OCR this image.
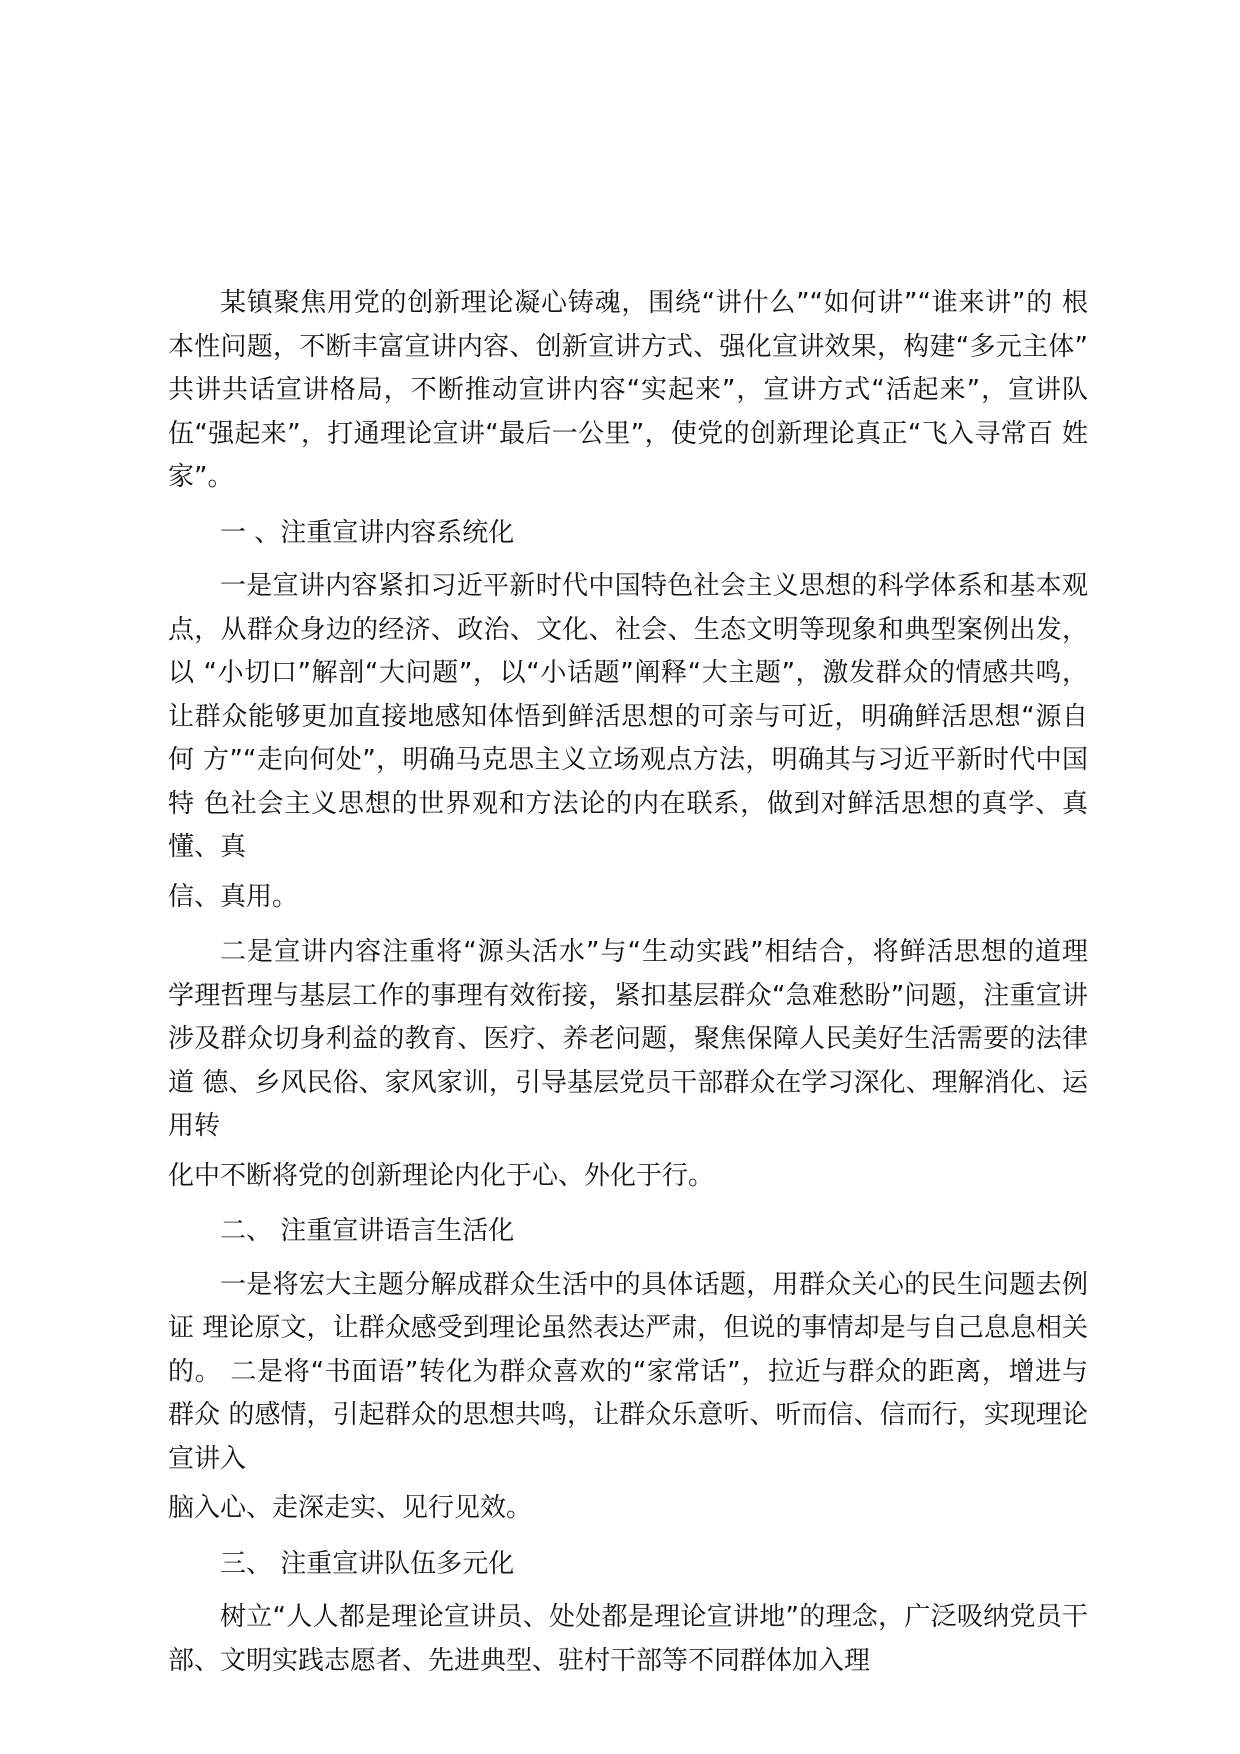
某镇聚焦用党的创新理论凝心铸魂，围绕“讲什么”“如何讲”“谁来讲”的 根本性问题，不断丰富宣讲内容、创新宣讲方式、强化宣讲效果，构建“多元主体” 共讲共话宣讲格局，不断推动宣讲内容“实起来”，宣讲方式“活起来”，宣讲队 伍“强起来”，打通理论宣讲“最后一公里”，使党的创新理论真正“飞入寻常百 姓家”。

一 、注重宣讲内容系统化

一是宣讲内容紧扣习近平新时代中国特色社会主义思想的科学体系和基本观 点，从群众身边的经济、政治、文化、社会、生态文明等现象和典型案例出发，以 “小切口”解剖“大问题”，以“小话题”阐释“大主题”，激发群众的情感共鸣， 让群众能够更加直接地感知体悟到鲜活思想的可亲与可近，明确鲜活思想“源自何 方”“走向何处”，明确马克思主义立场观点方法，明确其与习近平新时代中国特 色社会主义思想的世界观和方法论的内在联系，做到对鲜活思想的真学、真懂、真

信、真用。

二是宣讲内容注重将“源头活水”与“生动实践”相结合，将鲜活思想的道理 学理哲理与基层工作的事理有效衔接，紧扣基层群众“急难愁盼”问题，注重宣讲 涉及群众切身利益的教育、医疗、养老问题，聚焦保障人民美好生活需要的法律道 德、乡风民俗、家风家训，引导基层党员干部群众在学习深化、理解消化、运用转

化中不断将党的创新理论内化于心、外化于行。

二、 注重宣讲语言生活化

一是将宏大主题分解成群众生活中的具体话题，用群众关心的民生问题去例证 理论原文，让群众感受到理论虽然表达严肃，但说的事情却是与自己息息相关的。 二是将“书面语”转化为群众喜欢的“家常话”，拉近与群众的距离，增进与群众 的感情，引起群众的思想共鸣，让群众乐意听、听而信、信而行，实现理论宣讲入

脑入心、走深走实、见行见效。

三、 注重宣讲队伍多元化

树立“人人都是理论宣讲员、处处都是理论宣讲地”的理念，广泛吸纳党员干 部、文明实践志愿者、先进典型、驻村干部等不同群体加入理
